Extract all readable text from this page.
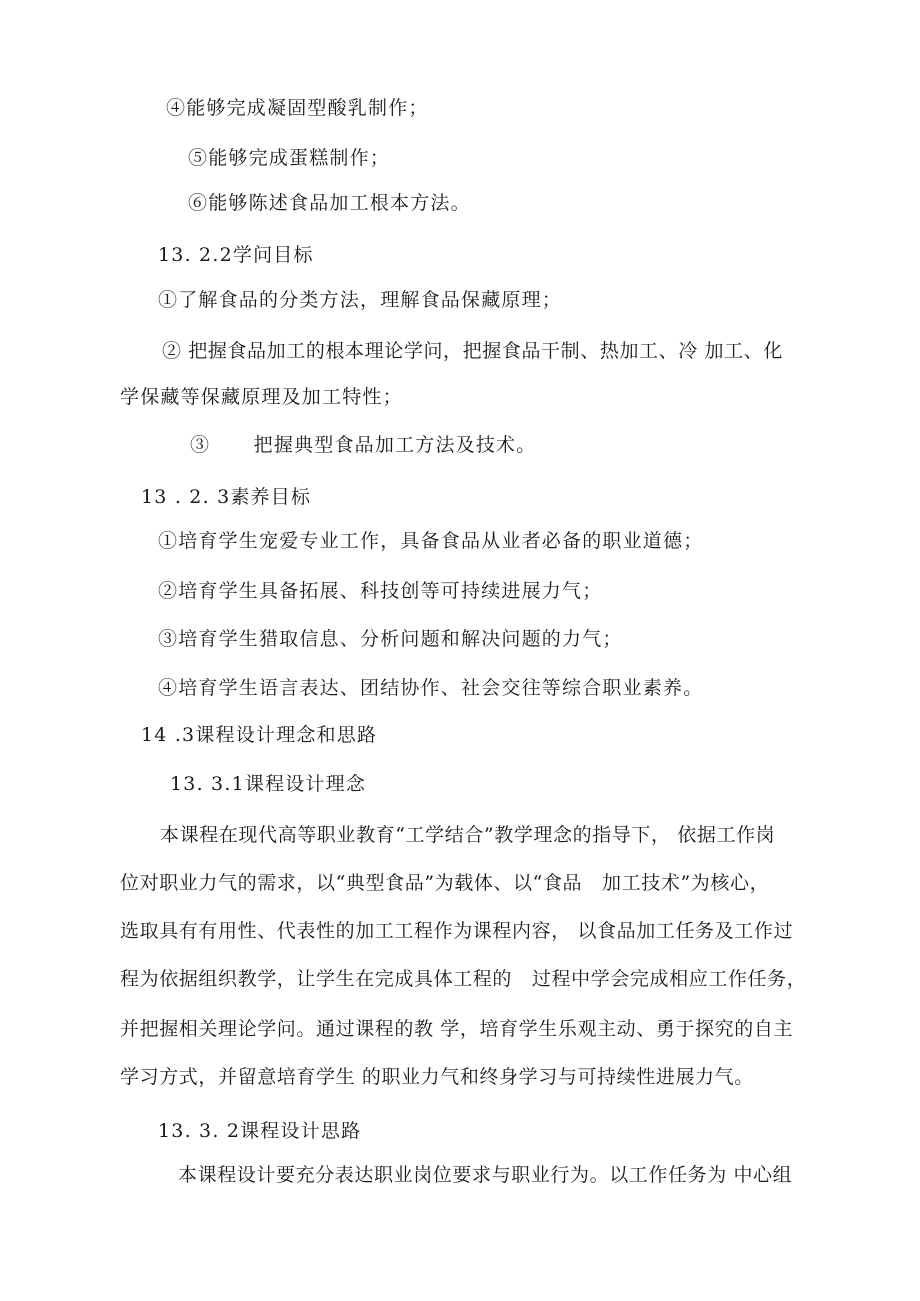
④能够完成凝固型酸乳制作；
⑤能够完成蛋糕制作；
⑥能够陈述食品加工根本方法。
13. 2.2学问目标
①了解食品的分类方法，理解食品保藏原理；
② 把握食品加工的根本理论学问，把握食品干制、热加工、冷 加工、化
学保藏等保藏原理及加工特性；
③      把握典型食品加工方法及技术。
13 . 2. 3素养目标
①培育学生宠爱专业工作，具备食品从业者必备的职业道德；
②培育学生具备拓展、科技创等可持续进展力气；
③培育学生猎取信息、分析问题和解决问题的力气；
④培育学生语言表达、团结协作、社会交往等综合职业素养。
14 .3课程设计理念和思路
13. 3.1课程设计理念
本课程在现代高等职业教育“工学结合”教学理念的指导下， 依据工作岗
位对职业力气的需求，以“典型食品”为载体、以“食品   加工技术”为核心，
选取具有有用性、代表性的加工工程作为课程内容， 以食品加工任务及工作过
程为依据组织教学，让学生在完成具体工程的   过程中学会完成相应工作任务，
并把握相关理论学问。通过课程的教 学，培育学生乐观主动、勇于探究的自主
学习方式，并留意培育学生 的职业力气和终身学习与可持续性进展力气。
13. 3. 2课程设计思路
本课程设计要充分表达职业岗位要求与职业行为。以工作任务为 中心组
